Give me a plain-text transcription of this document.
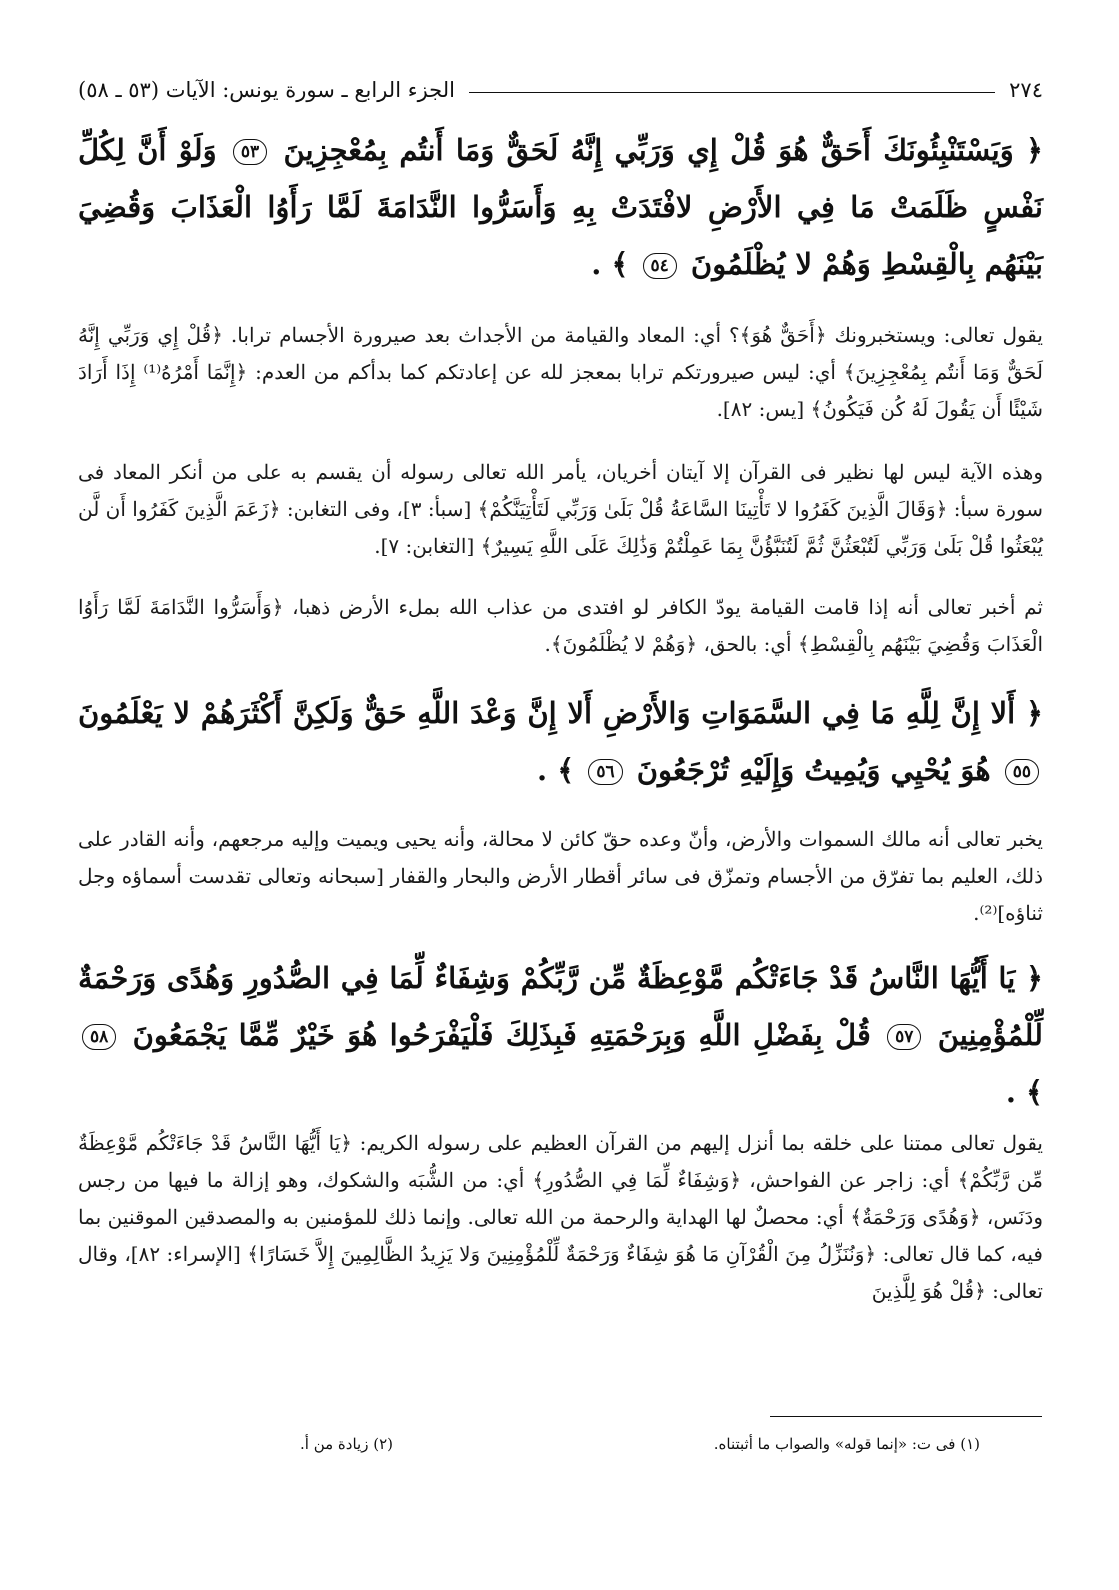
٢٧٤
الجزء الرابع ـ سورة يونس: الآيات (٥٣ ـ ٥٨)

﴿ وَيَسْتَنْبِئُونَكَ أَحَقٌّ هُوَ قُلْ إِي وَرَبِّي إِنَّهُ لَحَقٌّ وَمَا أَنتُم بِمُعْجِزِينَ ٥٣ وَلَوْ أَنَّ لِكُلِّ نَفْسٍ ظَلَمَتْ مَا فِي الأَرْضِ لافْتَدَتْ بِهِ وَأَسَرُّوا النَّدَامَةَ لَمَّا رَأَوُا الْعَذَابَ وَقُضِيَ بَيْنَهُم بِالْقِسْطِ وَهُمْ لا يُظْلَمُونَ ٥٤ ﴾ .

يقول تعالى: ويستخبرونك ﴿أَحَقٌّ هُوَ﴾؟ أي: المعاد والقيامة من الأجداث بعد صيرورة الأجسام ترابا. ﴿قُلْ إِي وَرَبِّي إِنَّهُ لَحَقٌّ وَمَا أَنتُم بِمُعْجِزِينَ﴾ أي: ليس صيرورتكم ترابا بمعجز لله عن إعادتكم كما بدأكم من العدم: ﴿إِنَّمَا أَمْرُهُ⁽¹⁾ إِذَا أَرَادَ شَيْئًا أَن يَقُولَ لَهُ كُن فَيَكُونُ﴾ [يس: ٨٢].

وهذه الآية ليس لها نظير فى القرآن إلا آيتان أخريان، يأمر الله تعالى رسوله أن يقسم به على من أنكر المعاد فى سورة سبأ: ﴿وَقَالَ الَّذِينَ كَفَرُوا لا تَأْتِينَا السَّاعَةُ قُلْ بَلَىٰ وَرَبِّي لَتَأْتِيَنَّكُمْ﴾ [سبأ: ٣]، وفى التغابن: ﴿زَعَمَ الَّذِينَ كَفَرُوا أَن لَّن يُبْعَثُوا قُلْ بَلَىٰ وَرَبِّي لَتُبْعَثُنَّ ثُمَّ لَتُنَبَّؤُنَّ بِمَا عَمِلْتُمْ وَذَٰلِكَ عَلَى اللَّهِ يَسِيرٌ﴾ [التغابن: ٧].

ثم أخبر تعالى أنه إذا قامت القيامة يودّ الكافر لو افتدى من عذاب الله بملء الأرض ذهبا، ﴿وَأَسَرُّوا النَّدَامَةَ لَمَّا رَأَوُا الْعَذَابَ وَقُضِيَ بَيْنَهُم بِالْقِسْطِ﴾ أي: بالحق، ﴿وَهُمْ لا يُظْلَمُونَ﴾.

﴿ أَلا إِنَّ لِلَّهِ مَا فِي السَّمَوَاتِ وَالأَرْضِ أَلا إِنَّ وَعْدَ اللَّهِ حَقٌّ وَلَكِنَّ أَكْثَرَهُمْ لا يَعْلَمُونَ ٥٥ هُوَ يُحْيِي وَيُمِيتُ وَإِلَيْهِ تُرْجَعُونَ ٥٦ ﴾ .

يخبر تعالى أنه مالك السموات والأرض، وأنّ وعده حقّ كائن لا محالة، وأنه يحيى ويميت وإليه مرجعهم، وأنه القادر على ذلك، العليم بما تفرّق من الأجسام وتمزّق فى سائر أقطار الأرض والبحار والقفار [سبحانه وتعالى تقدست أسماؤه وجل ثناؤه]⁽²⁾.

﴿ يَا أَيُّهَا النَّاسُ قَدْ جَاءَتْكُم مَّوْعِظَةٌ مِّن رَّبِّكُمْ وَشِفَاءٌ لِّمَا فِي الصُّدُورِ وَهُدًى وَرَحْمَةٌ لِّلْمُؤْمِنِينَ ٥٧ قُلْ بِفَضْلِ اللَّهِ وَبِرَحْمَتِهِ فَبِذَلِكَ فَلْيَفْرَحُوا هُوَ خَيْرٌ مِّمَّا يَجْمَعُونَ ٥٨ ﴾ .

يقول تعالى ممتنا على خلقه بما أنزل إليهم من القرآن العظيم على رسوله الكريم: ﴿يَا أَيُّهَا النَّاسُ قَدْ جَاءَتْكُم مَّوْعِظَةٌ مِّن رَّبِّكُمْ﴾ أي: زاجر عن الفواحش، ﴿وَشِفَاءٌ لِّمَا فِي الصُّدُورِ﴾ أي: من الشُّبَه والشكوك، وهو إزالة ما فيها من رجس ودَنَس، ﴿وَهُدًى وَرَحْمَةٌ﴾ أي: محصلٌ لها الهداية والرحمة من الله تعالى. وإنما ذلك للمؤمنين به والمصدقين الموقنين بما فيه، كما قال تعالى: ﴿وَنُنَزِّلُ مِنَ الْقُرْآنِ مَا هُوَ شِفَاءٌ وَرَحْمَةٌ لِّلْمُؤْمِنِينَ وَلا يَزِيدُ الظَّالِمِينَ إِلاَّ خَسَارًا﴾ [الإسراء: ٨٢]، وقال تعالى: ﴿قُلْ هُوَ لِلَّذِينَ

(١) فى ت: «إنما قوله» والصواب ما أثبتناه.
(٢) زيادة من أ.
